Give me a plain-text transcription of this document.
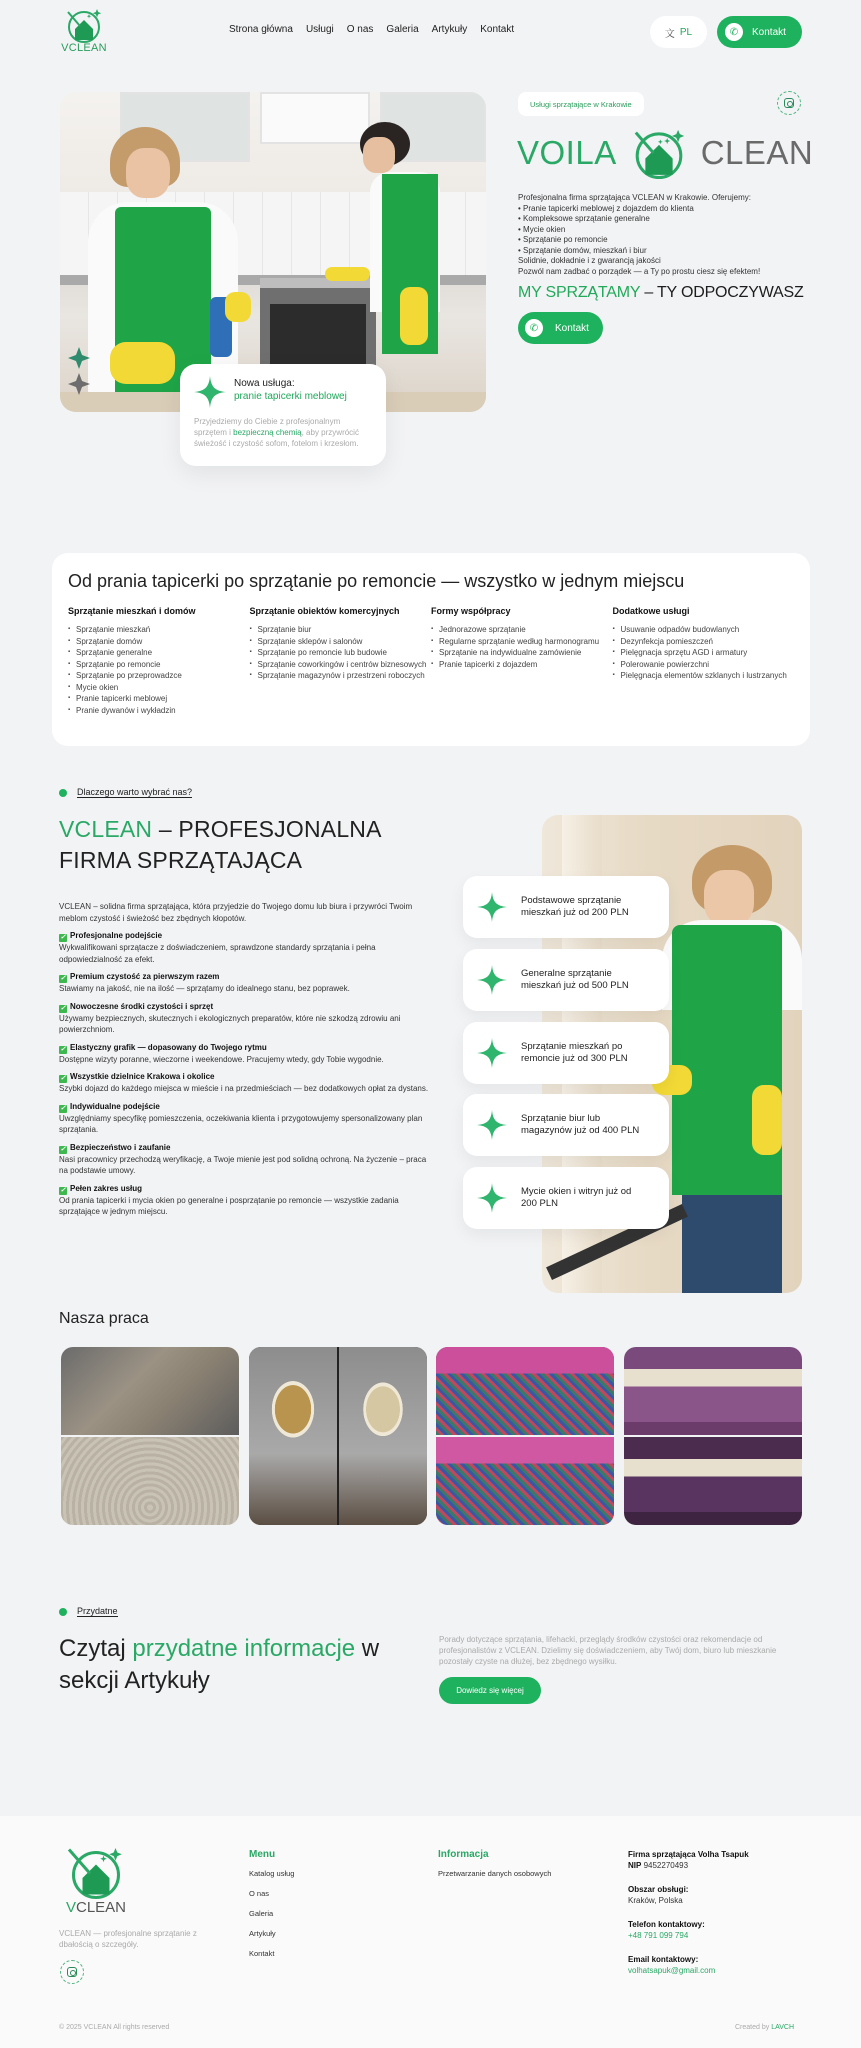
VCLEAN
Strona główna Usługi O nas Galeria Artykuły Kontakt	文 PL	✆	Kontakt
Nowa usługa:
pranie tapicerki meblowej
Przyjedziemy do Ciebie z profesjonalnym
sprzętem i bezpieczną chemią, aby przywrócić
świeżość i czystość sofom, fotelom i krzesłom.
Usługi sprzątające w Krakowie
VOILA	CLEAN
Profesjonalna firma sprzątająca VCLEAN w Krakowie. Oferujemy:
• Pranie tapicerki meblowej z dojazdem do klienta
• Kompleksowe sprzątanie generalne
• Mycie okien
• Sprzątanie po remoncie
• Sprzątanie domów, mieszkań i biur
Solidnie, dokładnie i z gwarancją jakości
Pozwól nam zadbać o porządek — a Ty po prostu ciesz się efektem!
MY SPRZĄTAMY – TY ODPOCZYWASZ
✆	Kontakt
Od prania tapicerki po sprzątanie po remoncie — wszystko w jednym miejscu
Sprzątanie mieszkań i domów
▪ Sprzątanie mieszkań
▪ Sprzątanie domów
▪ Sprzątanie generalne
▪ Sprzątanie po remoncie
▪ Sprzątanie po przeprowadzce
▪ Mycie okien
▪ Pranie tapicerki meblowej
▪ Pranie dywanów i wykładzin
Sprzątanie obiektów komercyjnych
▪ Sprzątanie biur
▪ Sprzątanie sklepów i salonów
▪ Sprzątanie po remoncie lub budowie
▪ Sprzątanie coworkingów i centrów biznesowych
▪ Sprzątanie magazynów i przestrzeni roboczych
Formy współpracy
▪ Jednorazowe sprzątanie
▪ Regularne sprzątanie według harmonogramu
▪ Sprzątanie na indywidualne zamówienie
▪ Pranie tapicerki z dojazdem
Dodatkowe usługi
▪ Usuwanie odpadów budowlanych
▪ Dezynfekcja pomieszczeń
▪ Pielęgnacja sprzętu AGD i armatury
▪ Polerowanie powierzchni
▪ Pielęgnacja elementów szklanych i lustrzanych
Dlaczego warto wybrać nas?
VCLEAN – PROFESJONALNA
FIRMA SPRZĄTAJĄCA

VCLEAN – solidna firma sprzątająca, która przyjedzie do Twojego domu lub biura i przywróci Twoim meblom czystość i świeżość bez zbędnych kłopotów.

✓ Profesjonalne podejście
Wykwalifikowani sprzątacze z doświadczeniem, sprawdzone standardy sprzątania i pełna odpowiedzialność za efekt.

✓ Premium czystość za pierwszym razem
Stawiamy na jakość, nie na ilość — sprzątamy do idealnego stanu, bez poprawek.

✓ Nowoczesne środki czystości i sprzęt
Używamy bezpiecznych, skutecznych i ekologicznych preparatów, które nie szkodzą zdrowiu ani powierzchniom.

✓ Elastyczny grafik — dopasowany do Twojego rytmu
Dostępne wizyty poranne, wieczorne i weekendowe. Pracujemy wtedy, gdy Tobie wygodnie.

✓ Wszystkie dzielnice Krakowa i okolice
Szybki dojazd do każdego miejsca w mieście i na przedmieściach — bez dodatkowych opłat za dystans.

✓ Indywidualne podejście
Uwzględniamy specyfikę pomieszczenia, oczekiwania klienta i przygotowujemy spersonalizowany plan sprzątania.

✓ Bezpieczeństwo i zaufanie
Nasi pracownicy przechodzą weryfikację, a Twoje mienie jest pod solidną ochroną. Na życzenie – praca na podstawie umowy.

✓ Pełen zakres usług
Od prania tapicerki i mycia okien po generalne i posprzątanie po remoncie — wszystkie zadania sprzątające w jednym miejscu.

Podstawowe sprzątanie
mieszkań już od 200 PLN
Generalne sprzątanie
mieszkań już od 500 PLN
Sprzątanie mieszkań po
remoncie już od 300 PLN
Sprzątanie biur lub
magazynów już od 400 PLN
Mycie okien i witryn już od
200 PLN
Nasza praca
Przydatne
Czytaj przydatne informacje w sekcji Artykuły
Porady dotyczące sprzątania, lifehacki, przeglądy środków czystości oraz rekomendacje od profesjonalistów z VCLEAN. Dzielimy się doświadczeniem, aby Twój dom, biuro lub mieszkanie pozostały czyste na dłużej, bez zbędnego wysiłku.
Dowiedz się więcej
VCLEAN
VCLEAN — profesjonalne sprzątanie z dbałością o szczegóły.
Menu
Katalog usług
O nas
Galeria
Artykuły
Kontakt
Informacja
Przetwarzanie danych osobowych
Firma sprzątająca Volha Tsapuk
NIP 9452270493
Obszar obsługi:
Kraków, Polska
Telefon kontaktowy:
+48 791 099 794
Email kontaktowy:
volhatsapuk@gmail.com
© 2025 VCLEAN All rights reserved	Created by LAVCH
